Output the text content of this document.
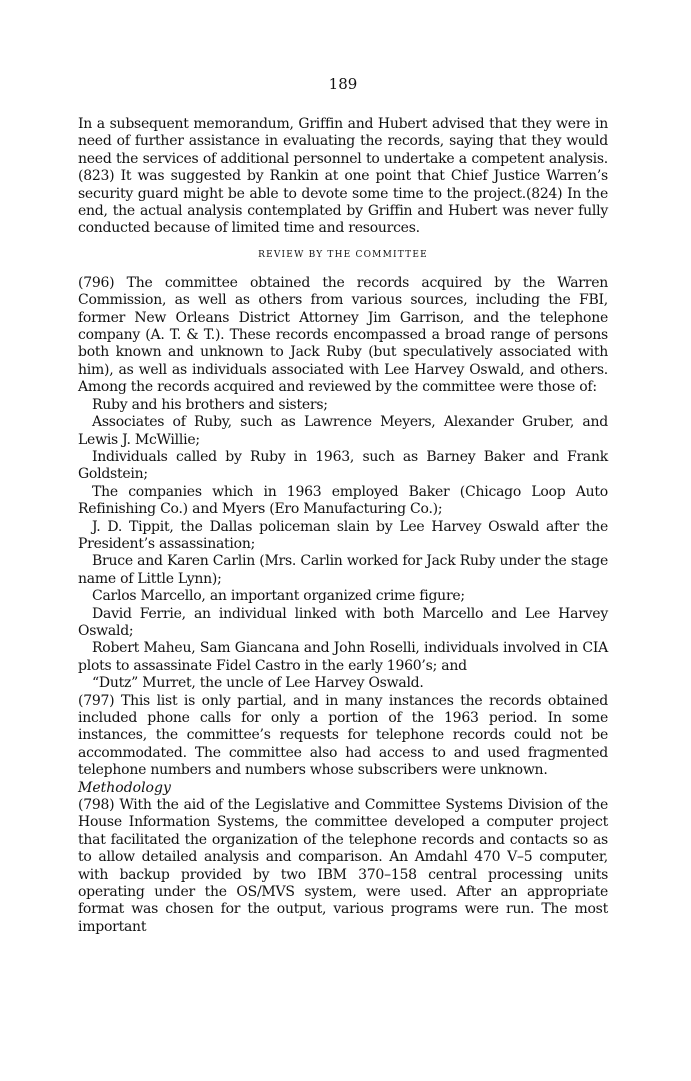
189

In a subsequent memorandum, Griffin and Hubert advised that they were in need of further assistance in evaluating the records, saying that they would need the services of additional personnel to undertake a competent analysis.(823) It was suggested by Rankin at one point that Chief Justice Warren’s security guard might be able to devote some time to the project.(824) In the end, the actual analysis contemplated by Griffin and Hubert was never fully conducted because of limited time and resources.

REVIEW BY THE COMMITTEE

(796) The committee obtained the records acquired by the Warren Commission, as well as others from various sources, including the FBI, former New Orleans District Attorney Jim Garrison, and the telephone company (A. T. & T.). These records encompassed a broad range of persons both known and unknown to Jack Ruby (but speculatively associated with him), as well as individuals associated with Lee Harvey Oswald, and others. Among the records acquired and reviewed by the committee were those of:

Ruby and his brothers and sisters;

Associates of Ruby, such as Lawrence Meyers, Alexander Gruber, and Lewis J. McWillie;

Individuals called by Ruby in 1963, such as Barney Baker and Frank Goldstein;

The companies which in 1963 employed Baker (Chicago Loop Auto Refinishing Co.) and Myers (Ero Manufacturing Co.);

J. D. Tippit, the Dallas policeman slain by Lee Harvey Oswald after the President’s assassination;

Bruce and Karen Carlin (Mrs. Carlin worked for Jack Ruby under the stage name of Little Lynn);

Carlos Marcello, an important organized crime figure;

David Ferrie, an individual linked with both Marcello and Lee Harvey Oswald;

Robert Maheu, Sam Giancana and John Roselli, individuals involved in CIA plots to assassinate Fidel Castro in the early 1960’s; and

“Dutz” Murret, the uncle of Lee Harvey Oswald.

(797) This list is only partial, and in many instances the records obtained included phone calls for only a portion of the 1963 period. In some instances, the committee’s requests for telephone records could not be accommodated. The committee also had access to and used fragmented telephone numbers and numbers whose subscribers were unknown.

Methodology

(798) With the aid of the Legislative and Committee Systems Division of the House Information Systems, the committee developed a computer project that facilitated the organization of the telephone records and contacts so as to allow detailed analysis and comparison. An Amdahl 470 V–5 computer, with backup provided by two IBM 370–158 central processing units operating under the OS/MVS system, were used. After an appropriate format was chosen for the output, various programs were run. The most important
